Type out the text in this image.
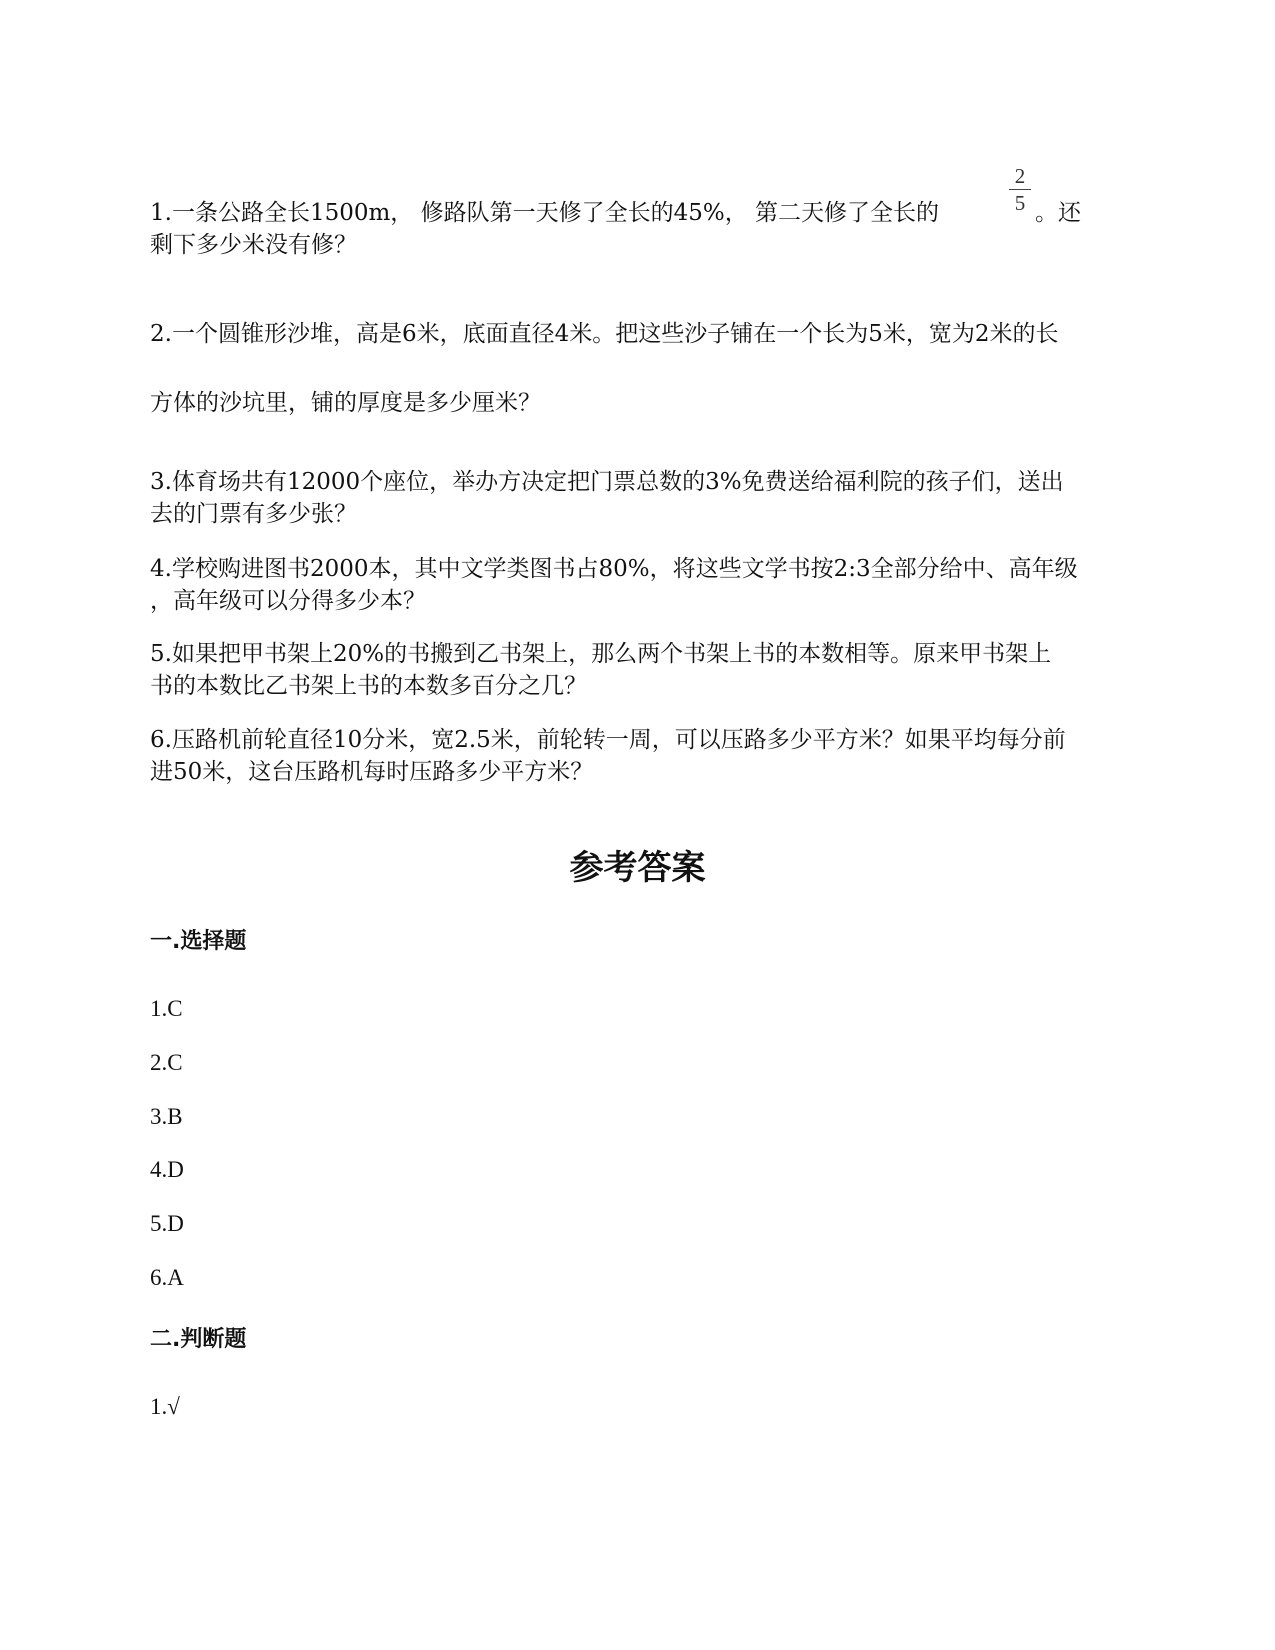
1.一条公路全长1500m， 修路队第一天修了全长的45%， 第二天修了全长的	。还
剩下多少米没有修？
2
5
2.一个圆锥形沙堆，高是6米，底面直径4米。把这些沙子铺在一个长为5米，宽为2米的长
方体的沙坑里，铺的厚度是多少厘米？
3.体育场共有12000个座位，举办方决定把门票总数的3%免费送给福利院的孩子们，送出
去的门票有多少张？
4.学校购进图书2000本，其中文学类图书占80%，将这些文学书按2:3全部分给中、高年级
，高年级可以分得多少本？
5.如果把甲书架上20%的书搬到乙书架上，那么两个书架上书的本数相等。原来甲书架上
书的本数比乙书架上书的本数多百分之几？
6.压路机前轮直径10分米，宽2.5米，前轮转一周，可以压路多少平方米？如果平均每分前
进50米，这台压路机每时压路多少平方米？
参考答案
一.选择题

1.C

2.C

3.B

4.D

5.D

6.A

二.判断题

1.√
